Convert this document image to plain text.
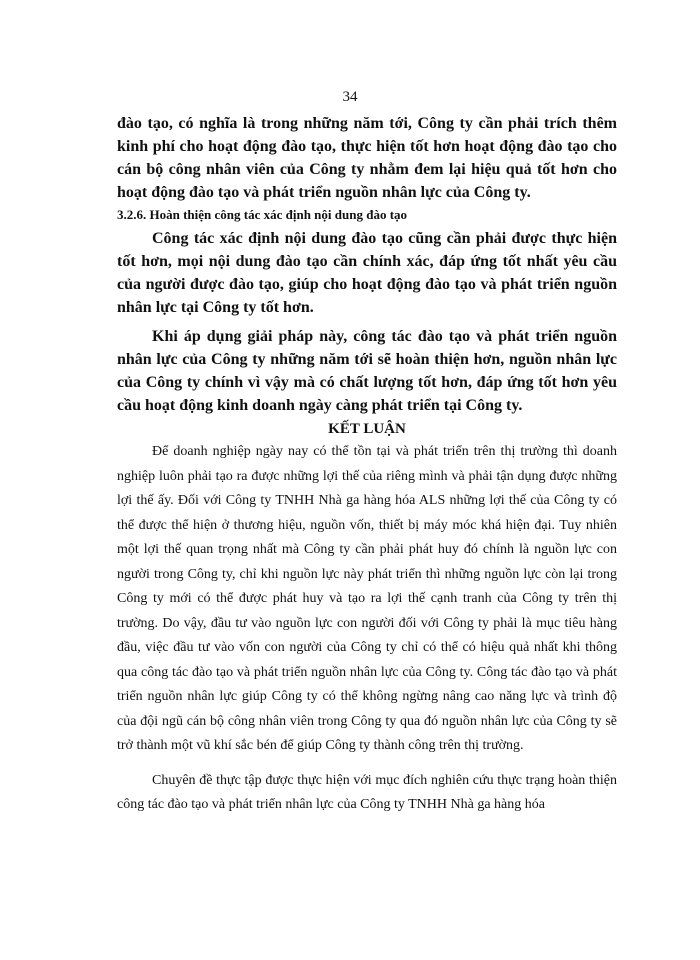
34

đào tạo, có nghĩa là trong những năm tới, Công ty cần phải trích thêm kinh phí cho hoạt động đào tạo, thực hiện tốt hơn hoạt động đào tạo cho cán bộ công nhân viên của Công ty nhằm đem lại hiệu quả tốt hơn cho hoạt động đào tạo và phát triển nguồn nhân lực của Công ty.

3.2.6. Hoàn thiện công tác xác định nội dung đào tạo

Công tác xác định nội dung đào tạo cũng cần phải được thực hiện tốt hơn, mọi nội dung đào tạo cần chính xác, đáp ứng tốt nhất yêu cầu của người được đào tạo, giúp cho hoạt động đào tạo và phát triển nguồn nhân lực tại Công ty tốt hơn.

Khi áp dụng giải pháp này, công tác đào tạo và phát triển nguồn nhân lực của Công ty những năm tới sẽ hoàn thiện hơn, nguồn nhân lực của Công ty chính vì vậy mà có chất lượng tốt hơn, đáp ứng tốt hơn yêu cầu hoạt động kinh doanh ngày càng phát triển tại Công ty.

KẾT LUẬN

Để doanh nghiệp ngày nay có thể tồn tại và phát triển trên thị trường thì doanh nghiệp luôn phải tạo ra được những lợi thế của riêng mình và phải tận dụng được những lợi thế ấy. Đối với Công ty TNHH Nhà ga hàng hóa ALS những lợi thế của Công ty có thể được thể hiện ở thương hiệu, nguồn vốn, thiết bị máy móc khá hiện đại. Tuy nhiên một lợi thế quan trọng nhất mà Công ty cần phải phát huy đó chính là nguồn lực con người trong Công ty, chỉ khi nguồn lực này phát triển thì những nguồn lực còn lại trong Công ty mới có thể được phát huy và tạo ra lợi thế cạnh tranh của Công ty trên thị trường. Do vậy, đầu tư vào nguồn lực con người đối với Công ty phải là mục tiêu hàng đầu, việc đầu tư vào vốn con người của Công ty chỉ có thể có hiệu quả nhất khi thông qua công tác đào tạo và phát triển nguồn nhân lực của Công ty. Công tác đào tạo và phát triển nguồn nhân lực giúp Công ty có thể không ngừng nâng cao năng lực và trình độ của đội ngũ cán bộ công nhân viên trong Công ty qua đó nguồn nhân lực của Công ty sẽ trở thành một vũ khí sắc bén để giúp Công ty thành công trên thị trường.

Chuyên đề thực tập được thực hiện với mục đích nghiên cứu thực trạng hoàn thiện công tác đào tạo và phát triển nhân lực của Công ty TNHH Nhà ga hàng hóa
